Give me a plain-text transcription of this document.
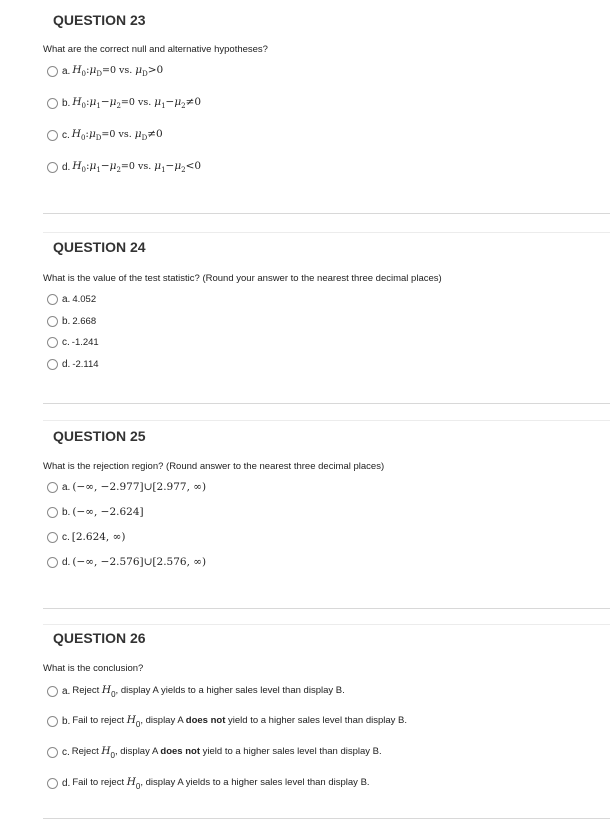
QUESTION 23
What are the correct null and alternative hypotheses?
a. $H_0:\mu_D=0$ vs. $\mu_D>0$
b. $H_0:\mu_1-\mu_2=0$ vs. $\mu_1-\mu_2\ne 0$
c. $H_0:\mu_D=0$ vs. $\mu_D\ne 0$
d. $H_0:\mu_1-\mu_2=0$ vs. $\mu_1-\mu_2<0$
QUESTION 24
What is the value of the test statistic? (Round your answer to the nearest three decimal places)
a. 4.052
b. 2.668
c. -1.241
d. -2.114
QUESTION 25
What is the rejection region? (Round answer to the nearest three decimal places)
a. (−∞, −2.977]∪[2.977, ∞)
b. (−∞, −2.624]
c. [2.624, ∞)
d. (−∞, −2.576]∪[2.576, ∞)
QUESTION 26
What is the conclusion?
a. Reject $H_0$, display A yields to a higher sales level than display B.
b. Fail to reject $H_0$, display A does not yield to a higher sales level than display B.
c. Reject $H_0$, display A does not yield to a higher sales level than display B.
d. Fail to reject $H_0$, display A yields to a higher sales level than display B.
